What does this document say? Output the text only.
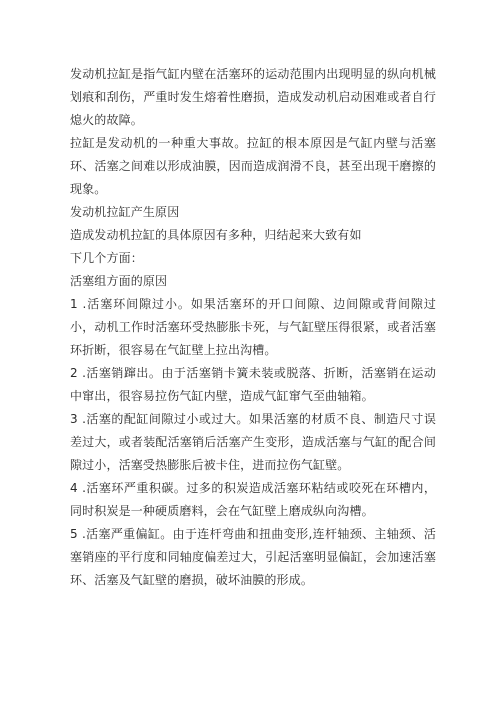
发动机拉缸是指气缸内壁在活塞环的运动范围内出现明显的纵向机械划痕和刮伤，严重时发生熔着性磨损，造成发动机启动困难或者自行熄火的故障。

拉缸是发动机的一种重大事故。拉缸的根本原因是气缸内壁与活塞环、活塞之间难以形成油膜，因而造成润滑不良，甚至出现干磨擦的现象。

发动机拉缸产生原因

造成发动机拉缸的具体原因有多种，归结起来大致有如

下几个方面：

活塞组方面的原因

1 .活塞环间隙过小。如果活塞环的开口间隙、边间隙或背间隙过小，动机工作时活塞环受热膨胀卡死，与气缸壁压得很紧，或者活塞环折断，很容易在气缸壁上拉出沟槽。

2 .活塞销蹿出。由于活塞销卡簧未装或脱落、折断，活塞销在运动中窜出，很容易拉伤气缸内壁，造成气缸窜气至曲轴箱。

3 .活塞的配缸间隙过小或过大。如果活塞的材质不良、制造尺寸误差过大，或者装配活塞销后活塞产生变形，造成活塞与气缸的配合间隙过小，活塞受热膨胀后被卡住，进而拉伤气缸壁。

4 .活塞环严重积碳。过多的积炭造成活塞环粘结或咬死在环槽内，同时积炭是一种硬质磨料，会在气缸壁上磨成纵向沟槽。

5 .活塞严重偏缸。由于连杆弯曲和扭曲变形,连杆轴颈、主轴颈、活塞销座的平行度和同轴度偏差过大，引起活塞明显偏缸，会加速活塞环、活塞及气缸壁的磨损，破坏油膜的形成。
